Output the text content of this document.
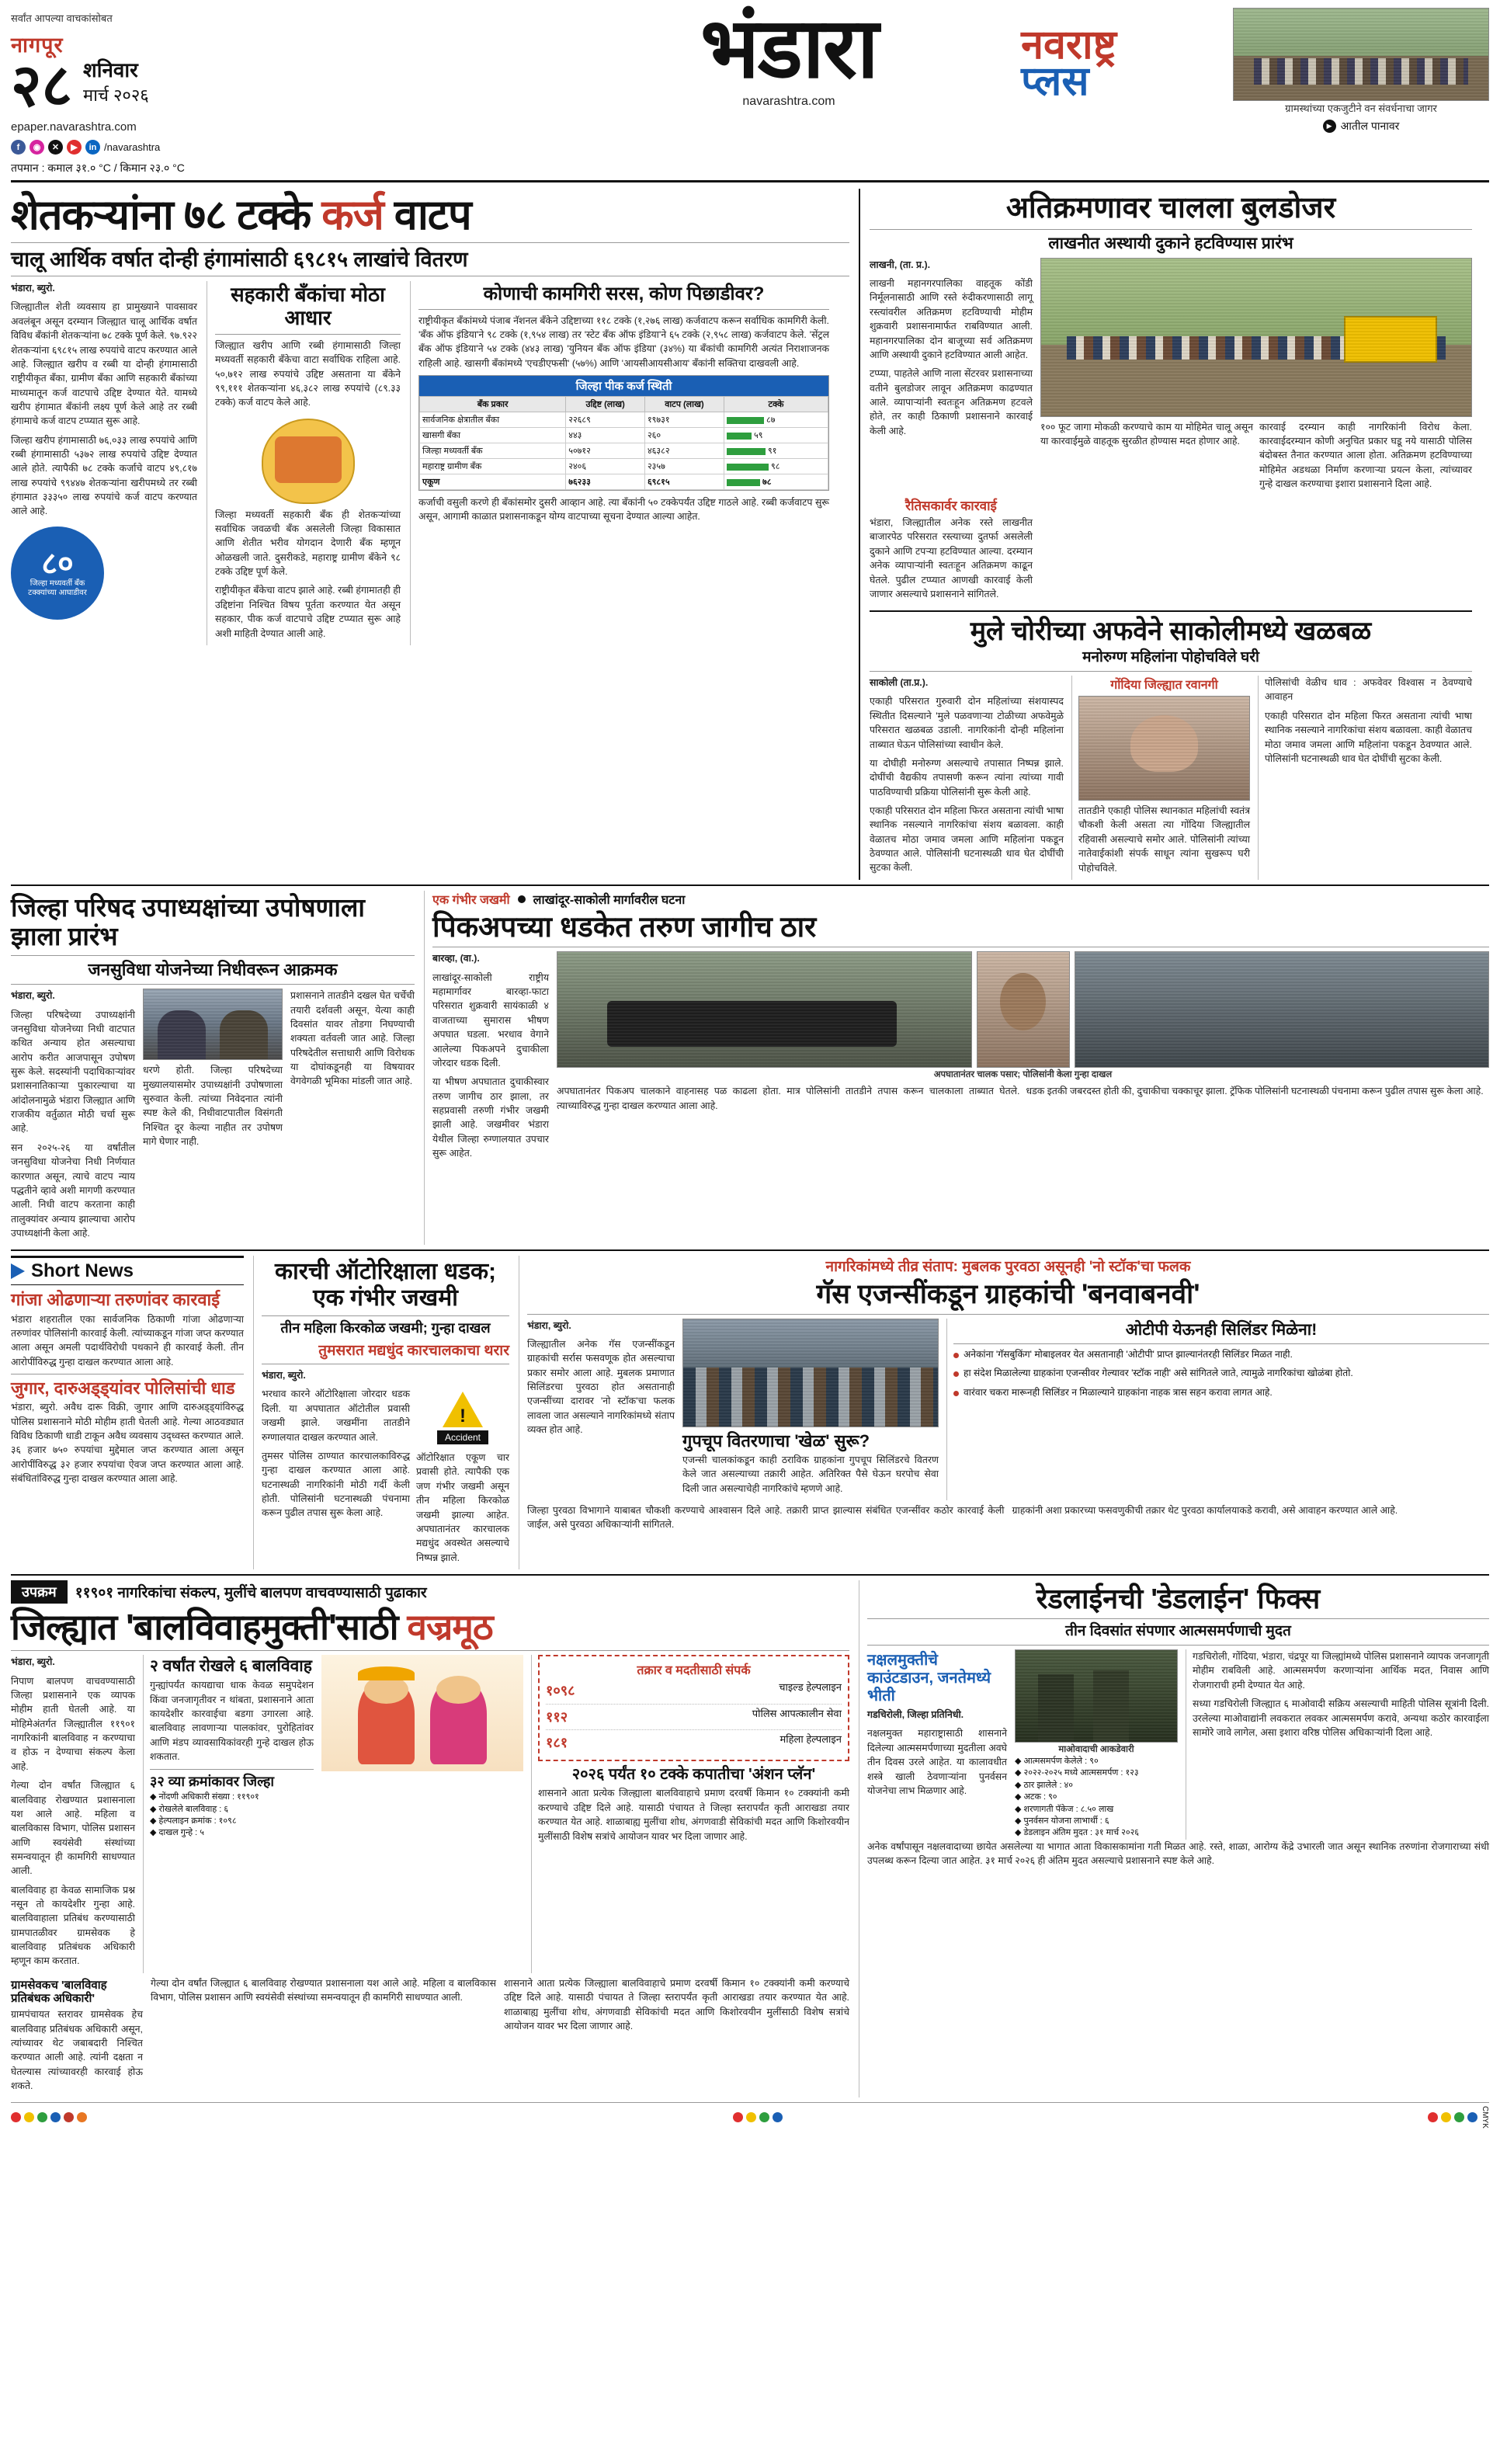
सर्वांत आपल्या वाचकांसोबत
नागपूर
२८ शनिवार
मार्च २०२६
epaper.navarashtra.com
f	◉	✕	▶	in /navarashtra
तपमान : कमाल ३१.० °C / किमान २३.० °C
भंडारा	नवराष्ट्र
प्लस
navarashtra.com
ग्रामस्थांच्या एकजुटीने वन संवर्धनाचा जागर
▶ आतील पानावर
शेतकऱ्यांना ७८ टक्के कर्ज वाटप
चालू आर्थिक वर्षात दोन्ही हंगामांसाठी ६९८१५ लाखांचे वितरण

भंडारा, ब्युरो.

जिल्ह्यातील शेती व्यवसाय हा प्रामुख्याने पावसावर अवलंबून असून दरम्यान जिल्ह्यात चालू आर्थिक वर्षात विविध बँकांनी शेतकऱ्यांना ७८ टक्के पूर्ण केले. ९७.९२२ शेतकऱ्यांना ६९८१५ लाख रुपयांचे वाटप करण्यात आले आहे. जिल्ह्यात खरीप व रब्बी या दोन्ही हंगामासाठी राष्ट्रीयीकृत बँका, ग्रामीण बँका आणि सहकारी बँकांच्या माध्यमातून कर्ज वाटपाचे उद्दिष्ट देण्यात येते. यामध्ये खरीप हंगामात बँकांनी लक्ष्य पूर्ण केले आहे तर रब्बी हंगामाचे कर्ज वाटप टप्प्यात सुरू आहे.

जिल्हा खरीप हंगामासाठी ७६,०३३ लाख रुपयांचे आणि रब्बी हंगामासाठी ५३७२ लाख रुपयांचे उद्दिष्ट देण्यात आले होते. त्यापैकी ७८ टक्के कर्जाचे वाटप ४९,८१७ लाख रुपयांचे ९९४४७ शेतकऱ्यांना खरीपमध्ये तर रब्बी हंगामात ३३३५० लाख रुपयांचे कर्ज वाटप करण्यात आले आहे.

८०
जिल्हा मध्यवर्ती बँक टक्क्यांच्या आघाडीवर
सहकारी बँकांचा मोठा आधार

जिल्ह्यात खरीप आणि रब्बी हंगामासाठी जिल्हा मध्यवर्ती सहकारी बँकेचा वाटा सर्वाधिक राहिला आहे. ५०,७१२ लाख रुपयांचे उद्दिष्ट असताना या बँकेने ९९,१११ शेतकऱ्यांना ४६,३८२ लाख रुपयांचे (८९.३३ टक्के) कर्ज वाटप केले आहे.

जिल्हा मध्यवर्ती सहकारी बँक ही शेतकऱ्यांच्या सर्वाधिक जवळची बँक असलेली जिल्हा विकासात आणि शेतीत भरीव योगदान देणारी बँक म्हणून ओळखली जाते. दुसरीकडे, महाराष्ट्र ग्रामीण बँकेने ९८ टक्के उद्दिष्ट पूर्ण केले.

राष्ट्रीयीकृत बँकेचा वाटप झाले आहे. रब्बी हंगामातही ही उद्दिष्टांना निश्चित विषय पूर्तता करण्यात येत असून सहकार, पीक कर्ज वाटपाचे उद्दिष्ट टप्प्यात सुरू आहे अशी माहिती देण्यात आली आहे.

कोणाची कामगिरी सरस, कोण पिछाडीवर?

राष्ट्रीयीकृत बँकांमध्ये पंजाब नॅशनल बँकेने उद्दिष्टाच्या ११८ टक्के (१,२७६ लाख) कर्जवाटप करून सर्वाधिक कामगिरी केली. 'बँक ऑफ इंडिया'ने ९८ टक्के (१,९५४ लाख) तर 'स्टेट बँक ऑफ इंडिया'ने ६५ टक्के (२,९५८ लाख) कर्जवाटप केले. 'सेंट्रल बँक ऑफ इंडिया'ने ५४ टक्के (४४३ लाख) 'युनियन बँक ऑफ इंडिया' (३४%) या बँकांची कामगिरी अत्यंत निराशाजनक राहिली आहे. खासगी बँकांमध्ये 'एचडीएफसी' (५७%) आणि 'आयसीआयसीआय' बँकांनी सक्तिचा दाखवली आहे.

जिल्हा पीक कर्ज स्थिती
बँक प्रकार	उद्दिष्ट (लाख)	वाटप (लाख)	टक्के
सार्वजनिक क्षेत्रातील बँका	२२६८९	१९७३१	८७
खासगी बँका	४४३	२६०	५९
जिल्हा मध्यवर्ती बँक	५०७१२	४६३८२	९१
महाराष्ट्र ग्रामीण बँक	२४०६	२३५७	९८
एकूण	७६२३३	६९८१५	७८

कर्जाची वसुली करणे ही बँकांसमोर दुसरी आव्हान आहे. त्या बँकांनी ५० टक्केपर्यंत उद्दिष्ट गाठले आहे. रब्बी कर्जवाटप सुरू असून, आगामी काळात प्रशासनाकडून योग्य वाटपाच्या सूचना देण्यात आल्या आहेत.

अतिक्रमणावर चालला बुलडोजर
लाखनीत अस्थायी दुकाने हटविण्यास प्रारंभ

लाखनी, (ता. प्र.).

लाखनी महानगरपालिका वाहतूक कोंडी निर्मूलनासाठी आणि रस्ते रुंदीकरणासाठी लागू रस्त्यांवरील अतिक्रमण हटविण्याची मोहीम शुक्रवारी प्रशासनामार्फत राबविण्यात आली. महानगरपालिका दोन बाजूच्या सर्व अतिक्रमण आणि अस्थायी दुकाने हटविण्यात आली आहेत.

टप्प्या, पाहतेले आणि नाला सेंटरवर प्रशासनाच्या वतीने बुलडोजर लावून अतिक्रमण काढण्यात आले. व्यापाऱ्यांनी स्वतःहून अतिक्रमण हटवले होते, तर काही ठिकाणी प्रशासनाने कारवाई केली आहे.	१०० फूट जागा मोकळी करण्याचे काम या मोहिमेत चालू असून या कारवाईमुळे वाहतूक सुरळीत होण्यास मदत होणार आहे.

कारवाई दरम्यान काही नागरिकांनी विरोध केला. कारवाईदरम्यान कोणी अनुचित प्रकार घडू नये यासाठी पोलिस बंदोबस्त तैनात करण्यात आला होता. अतिक्रमण हटविण्याच्या मोहिमेत अडथळा निर्माण करणाऱ्या प्रयत्न केला, त्यांच्यावर गुन्हे दाखल करण्याचा इशारा प्रशासनाने दिला आहे.

रैतिसकार्वर कारवाई

भंडारा, जिल्ह्यातील अनेक रस्ते लाखनीत बाजारपेठ परिसरात रस्त्याच्या दुतर्फा असलेली दुकाने आणि टपऱ्या हटविण्यात आल्या. दरम्यान अनेक व्यापाऱ्यांनी स्वतःहून अतिक्रमण काढून घेतले. पुढील टप्प्यात आणखी कारवाई केली जाणार असल्याचे प्रशासनाने सांगितले.

मुले चोरीच्या अफवेने साकोलीमध्ये खळबळ
मनोरुग्ण महिलांना पोहोचविले घरी

साकोली (ता.प्र.).

एकाही परिसरात गुरुवारी दोन महिलांच्या संशयास्पद स्थितीत दिसल्याने 'मुले पळवणाऱ्या टोळीच्या अफवेमुळे परिसरात खळबळ उडाली. नागरिकांनी दोन्ही महिलांना ताब्यात घेऊन पोलिसांच्या स्वाधीन केले.

या दोघीही मनोरुग्ण असल्याचे तपासात निष्पन्न झाले. दोघींची वैद्यकीय तपासणी करून त्यांना त्यांच्या गावी पाठविण्याची प्रक्रिया पोलिसांनी सुरू केली आहे.

एकाही परिसरात दोन महिला फिरत असताना त्यांची भाषा स्थानिक नसल्याने नागरिकांचा संशय बळावला. काही वेळातच मोठा जमाव जमला आणि महिलांना पकडून ठेवण्यात आले. पोलिसांनी घटनास्थळी धाव घेत दोघींची सुटका केली.

गोंदिया जिल्ह्यात रवानगी

तातडीने एकाही पोलिस स्थानकात महिलांची स्वतंत्र चौकशी केली असता त्या गोंदिया जिल्ह्यातील रहिवासी असल्याचे समोर आले. पोलिसांनी त्यांच्या नातेवाईकांशी संपर्क साधून त्यांना सुखरूप घरी पोहोचविले.

पोलिसांची वेळीच धाव : अफवेवर विश्वास न ठेवण्याचे आवाहन

एकाही परिसरात दोन महिला फिरत असताना त्यांची भाषा स्थानिक नसल्याने नागरिकांचा संशय बळावला. काही वेळातच मोठा जमाव जमला आणि महिलांना पकडून ठेवण्यात आले. पोलिसांनी घटनास्थळी धाव घेत दोघींची सुटका केली.

जिल्हा परिषद उपाध्यक्षांच्या उपोषणाला झाला प्रारंभ
जनसुविधा योजनेच्या निधीवरून आक्रमक

भंडारा, ब्युरो.

जिल्हा परिषदेच्या उपाध्यक्षांनी जनसुविधा योजनेच्या निधी वाटपात कथित अन्याय होत असल्याचा आरोप करीत आजपासून उपोषण सुरू केले. सदस्यांनी पदाधिकाऱ्यांवर प्रशासनातिकाऱ्या पुकारल्याचा या आंदोलनामुळे भंडारा जिल्ह्यात आणि राजकीय वर्तुळात मोठी चर्चा सुरू आहे.

सन २०२५-२६ या वर्षांतील जनसुविधा योजनेचा निधी निर्णयात कारणात असून, त्याचे वाटप न्याय पद्धतीने व्हावे अशी मागणी करण्यात आली. निधी वाटप करताना काही तालुक्यांवर अन्याय झाल्याचा आरोप उपाध्यक्षांनी केला आहे.

धरणे होती. जिल्हा परिषदेच्या मुख्यालयासमोर उपाध्यक्षांनी उपोषणाला सुरुवात केली. त्यांच्या निवेदनात त्यांनी स्पष्ट केले की, निधीवाटपातील विसंगती निश्चित दूर केल्या नाहीत तर उपोषण मागे घेणार नाही.

प्रशासनाने तातडीने दखल घेत चर्चेची तयारी दर्शवली असून, येत्या काही दिवसांत यावर तोडगा निघण्याची शक्यता वर्तवली जात आहे. जिल्हा परिषदेतील सत्ताधारी आणि विरोधक या दोघांकडूनही या विषयावर वेगवेगळी भूमिका मांडली जात आहे.

एक गंभीर जखमी लाखांदूर-साकोली मार्गावरील घटना
पिकअपच्या धडकेत तरुण जागीच ठार

बारव्हा, (वा.).

लाखांदूर-साकोली राष्ट्रीय महामार्गावर बारव्हा-फाटा परिसरात शुक्रवारी सायंकाळी ४ वाजताच्या सुमारास भीषण अपघात घडला. भरधाव वेगाने आलेल्या पिकअपने दुचाकीला जोरदार धडक दिली.

या भीषण अपघातात दुचाकीस्वार तरुण जागीच ठार झाला, तर सहप्रवासी तरुणी गंभीर जखमी झाली आहे. जखमीवर भंडारा येथील जिल्हा रुग्णालयात उपचार सुरू आहेत.

अपघातानंतर चालक पसार; पोलिसांनी केला गुन्हा दाखल

अपघातानंतर पिकअप चालकाने वाहनासह पळ काढला होता. मात्र पोलिसांनी तातडीने तपास करून चालकाला ताब्यात घेतले. त्याच्याविरुद्ध गुन्हा दाखल करण्यात आला आहे.

धडक इतकी जबरदस्त होती की, दुचाकीचा चक्काचूर झाला. ट्रॅफिक पोलिसांनी घटनास्थळी पंचनामा करून पुढील तपास सुरू केला आहे.

Short News
गांजा ओढणाऱ्या तरुणांवर कारवाई

भंडारा शहरातील एका सार्वजनिक ठिकाणी गांजा ओढणाऱ्या तरुणांवर पोलिसांनी कारवाई केली. त्यांच्याकडून गांजा जप्त करण्यात आला असून अमली पदार्थविरोधी पथकाने ही कारवाई केली. तीन आरोपींविरुद्ध गुन्हा दाखल करण्यात आला आहे.

जुगार, दारुअड्ड्यांवर पोलिसांची धाड

भंडारा, ब्युरो. अवैध दारू विक्री, जुगार आणि दारुअड्ड्यांविरुद्ध पोलिस प्रशासनाने मोठी मोहीम हाती घेतली आहे. गेल्या आठवड्यात विविध ठिकाणी धाडी टाकून अवैध व्यवसाय उद्ध्वस्त करण्यात आले. ३६ हजार ७५० रुपयांचा मुद्देमाल जप्त करण्यात आला असून आरोपींविरुद्ध ३२ हजार रुपयांचा ऐवज जप्त करण्यात आला आहे. संबंधितांविरुद्ध गुन्हा दाखल करण्यात आला आहे.

कारची ऑटोरिक्षाला धडक; एक गंभीर जखमी
तीन महिला किरकोळ जखमी; गुन्हा दाखल
तुमसरात मद्यधुंद कारचालकाचा थरार

भंडारा, ब्युरो.

भरधाव कारने ऑटोरिक्षाला जोरदार धडक दिली. या अपघातात ऑटोतील प्रवासी जखमी झाले. जखमींना तातडीने रुग्णालयात दाखल करण्यात आले.

तुमसर पोलिस ठाण्यात कारचालकाविरुद्ध गुन्हा दाखल करण्यात आला आहे. घटनास्थळी नागरिकांनी मोठी गर्दी केली होती. पोलिसांनी घटनास्थळी पंचनामा करून पुढील तपास सुरू केला आहे.

!
Accident

ऑटोरिक्षात एकूण चार प्रवासी होते. त्यापैकी एक जण गंभीर जखमी असून तीन महिला किरकोळ जखमी झाल्या आहेत. अपघातानंतर कारचालक मद्यधुंद अवस्थेत असल्याचे निष्पन्न झाले.

नागरिकांमध्ये तीव्र संताप: मुबलक पुरवठा असूनही 'नो स्टॉक'चा फलक
गॅस एजन्सींकडून ग्राहकांची 'बनवाबनवी'

भंडारा, ब्युरो.

जिल्ह्यातील अनेक गॅस एजन्सींकडून ग्राहकांची सर्रास फसवणूक होत असल्याचा प्रकार समोर आला आहे. मुबलक प्रमाणात सिलिंडरचा पुरवठा होत असतानाही एजन्सींच्या दारावर 'नो स्टॉक'चा फलक लावला जात असल्याने नागरिकांमध्ये संताप व्यक्त होत आहे.

गुपचूप वितरणाचा 'खेळ' सुरू?

एजन्सी चालकांकडून काही ठराविक ग्राहकांना गुपचूप सिलिंडरचे वितरण केले जात असल्याच्या तक्रारी आहेत. अतिरिक्त पैसे घेऊन घरपोच सेवा दिली जात असल्याचेही नागरिकांचे म्हणणे आहे.

ओटीपी येऊनही सिलिंडर मिळेना!
अनेकांना 'गॅसबुकिंग' मोबाइलवर येत असतानाही 'ओटीपी' प्राप्त झाल्यानंतरही सिलिंडर मिळत नाही.
हा संदेश मिळालेल्या ग्राहकांना एजन्सीवर गेल्यावर 'स्टॉक नाही' असे सांगितले जाते, त्यामुळे नागरिकांचा खोळंबा होतो.
वारंवार चकरा मारूनही सिलिंडर न मिळाल्याने ग्राहकांना नाहक त्रास सहन करावा लागत आहे.

जिल्हा पुरवठा विभागाने याबाबत चौकशी करण्याचे आश्वासन दिले आहे. तक्रारी प्राप्त झाल्यास संबंधित एजन्सींवर कठोर कारवाई केली जाईल, असे पुरवठा अधिकाऱ्यांनी सांगितले.

ग्राहकांनी अशा प्रकारच्या फसवणुकीची तक्रार थेट पुरवठा कार्यालयाकडे करावी, असे आवाहन करण्यात आले आहे.

उपक्रम	११९०१ नागरिकांचा संकल्प, मुलींचे बालपण वाचवण्यासाठी पुढाकार
जिल्ह्यात 'बालविवाहमुक्ती'साठी वज्रमूठ

भंडारा, ब्युरो.

निपाण बालपण वाचवण्यासाठी जिल्हा प्रशासनाने एक व्यापक मोहीम हाती घेतली आहे. या मोहिमेअंतर्गत जिल्ह्यातील ११९०१ नागरिकांनी बालविवाह न करण्याचा व होऊ न देण्याचा संकल्प केला आहे.

गेल्या दोन वर्षांत जिल्ह्यात ६ बालविवाह रोखण्यात प्रशासनाला यश आले आहे. महिला व बालविकास विभाग, पोलिस प्रशासन आणि स्वयंसेवी संस्थांच्या समन्वयातून ही कामगिरी साधण्यात आली.

बालविवाह हा केवळ सामाजिक प्रश्न नसून तो कायदेशीर गुन्हा आहे. बालविवाहाला प्रतिबंध करण्यासाठी ग्रामपातळीवर ग्रामसेवक हे बालविवाह प्रतिबंधक अधिकारी म्हणून काम करतात.

२ वर्षांत रोखले ६ बालविवाह

गुन्ह्यांपर्यंत कायद्याचा धाक केवळ समुपदेशन किंवा जनजागृतीवर न थांबता, प्रशासनाने आता कायदेशीर कारवाईचा बडगा उगारला आहे. बालविवाह लावणाऱ्या पालकांवर, पुरोहितांवर आणि मंडप व्यावसायिकांवरही गुन्हे दाखल होऊ शकतात.

३२ व्या क्रमांकावर जिल्हा
◆ नोंदणी अधिकारी संख्या : ११९०१
◆ रोखलेले बालविवाह : ६
◆ हेल्पलाइन क्रमांक : १०९८
◆ दाखल गुन्हे : ५
तक्रार व मदतीसाठी संपर्क
१०९८	चाइल्ड हेल्पलाइन
११२	पोलिस आपत्कालीन सेवा
१८१	महिला हेल्पलाइन
२०२६ पर्यंत १० टक्के कपातीचा 'अंशन प्लॅन'

शासनाने आता प्रत्येक जिल्ह्याला बालविवाहाचे प्रमाण दरवर्षी किमान १० टक्क्यांनी कमी करण्याचे उद्दिष्ट दिले आहे. यासाठी पंचायत ते जिल्हा स्तरापर्यंत कृती आराखडा तयार करण्यात येत आहे. शाळाबाह्य मुलींचा शोध, अंगणवाडी सेविकांची मदत आणि किशोरवयीन मुलींसाठी विशेष सत्रांचे आयोजन यावर भर दिला जाणार आहे.

ग्रामसेवकच 'बालविवाह प्रतिबंधक अधिकारी'

ग्रामपंचायत स्तरावर ग्रामसेवक हेच बालविवाह प्रतिबंधक अधिकारी असून, त्यांच्यावर थेट जबाबदारी निश्चित करण्यात आली आहे. त्यांनी दक्षता न घेतल्यास त्यांच्यावरही कारवाई होऊ शकते.

गेल्या दोन वर्षांत जिल्ह्यात ६ बालविवाह रोखण्यात प्रशासनाला यश आले आहे. महिला व बालविकास विभाग, पोलिस प्रशासन आणि स्वयंसेवी संस्थांच्या समन्वयातून ही कामगिरी साधण्यात आली.

शासनाने आता प्रत्येक जिल्ह्याला बालविवाहाचे प्रमाण दरवर्षी किमान १० टक्क्यांनी कमी करण्याचे उद्दिष्ट दिले आहे. यासाठी पंचायत ते जिल्हा स्तरापर्यंत कृती आराखडा तयार करण्यात येत आहे. शाळाबाह्य मुलींचा शोध, अंगणवाडी सेविकांची मदत आणि किशोरवयीन मुलींसाठी विशेष सत्रांचे आयोजन यावर भर दिला जाणार आहे.

रेडलाईनची 'डेडलाईन' फिक्स
तीन दिवसांत संपणार आत्मसमर्पणाची मुदत
नक्षलमुक्तीचे काउंटडाउन, जनतेमध्ये भीती

गडचिरोली, जिल्हा प्रतिनिधी.

नक्षलमुक्त महाराष्ट्रासाठी शासनाने दिलेल्या आत्मसमर्पणाच्या मुदतीला अवघे तीन दिवस उरले आहेत. या कालावधीत शस्त्रे खाली ठेवणाऱ्यांना पुनर्वसन योजनेचा लाभ मिळणार आहे.

माओवादाची आकडेवारी
◆ आत्मसमर्पण केलेले : ९०
◆ २०२२-२०२५ मध्ये आत्मसमर्पण : १२३
◆ ठार झालेले : ४०
◆ अटक : ९०
◆ शरणागती पॅकेज : ८.५० लाख
◆ पुनर्वसन योजना लाभार्थी : ६
◆ डेडलाइन अंतिम मुदत : ३१ मार्च २०२६

गडचिरोली, गोंदिया, भंडारा, चंद्रपूर या जिल्ह्यांमध्ये पोलिस प्रशासनाने व्यापक जनजागृती मोहीम राबविली आहे. आत्मसमर्पण करणाऱ्यांना आर्थिक मदत, निवास आणि रोजगाराची हमी देण्यात येत आहे.

सध्या गडचिरोली जिल्ह्यात ६ माओवादी सक्रिय असल्याची माहिती पोलिस सूत्रांनी दिली. उरलेल्या माओवाद्यांनी लवकरात लवकर आत्मसमर्पण करावे, अन्यथा कठोर कारवाईला सामोरे जावे लागेल, असा इशारा वरिष्ठ पोलिस अधिकाऱ्यांनी दिला आहे.

अनेक वर्षांपासून नक्षलवादाच्या छायेत असलेल्या या भागात आता विकासकामांना गती मिळत आहे. रस्ते, शाळा, आरोग्य केंद्रे उभारली जात असून स्थानिक तरुणांना रोजगाराच्या संधी उपलब्ध करून दिल्या जात आहेत. ३१ मार्च २०२६ ही अंतिम मुदत असल्याचे प्रशासनाने स्पष्ट केले आहे.

CMYK
